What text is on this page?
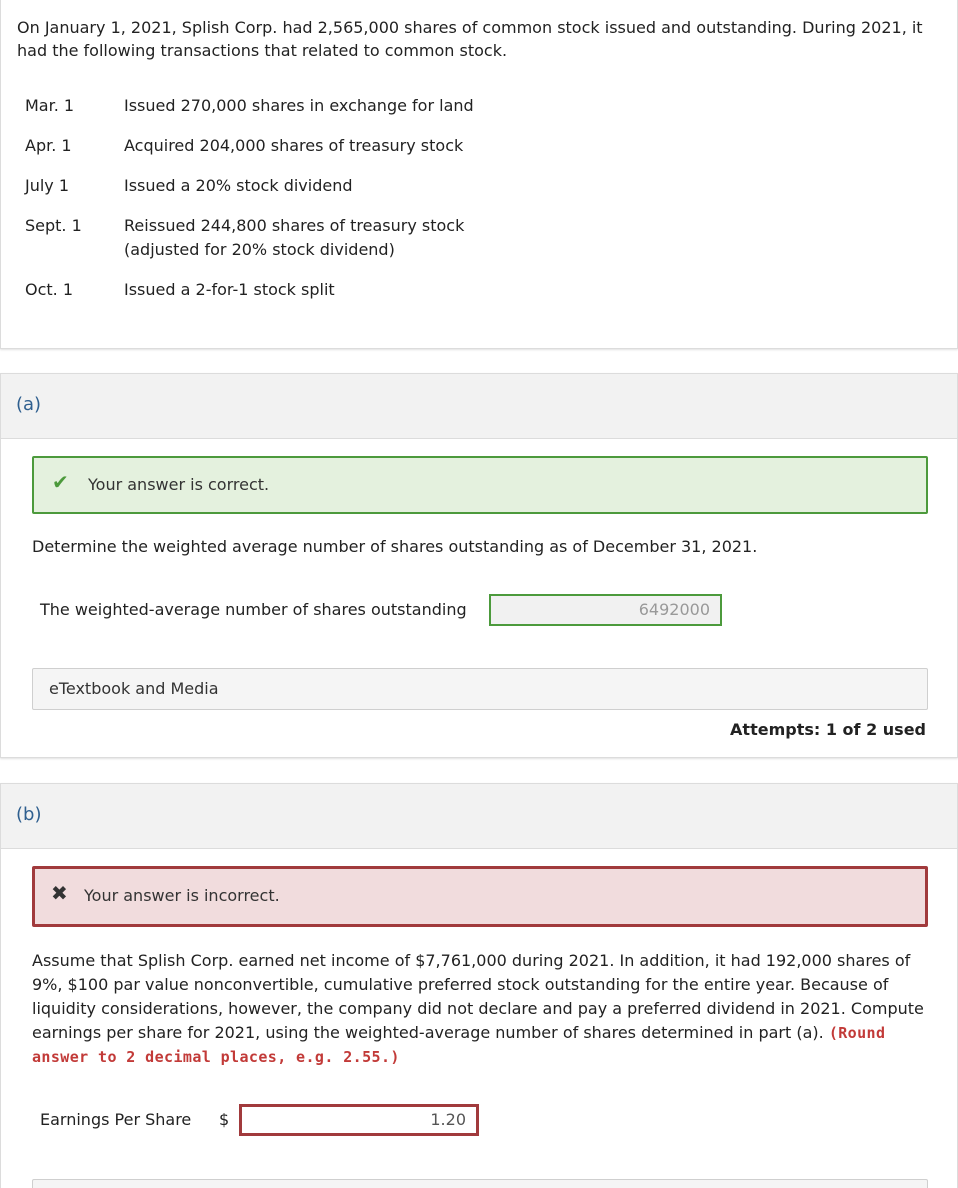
On January 1, 2021, Splish Corp. had 2,565,000 shares of common stock issued and outstanding. During 2021, it had the following transactions that related to common stock.

Mar. 1	Issued 270,000 shares in exchange for land
Apr. 1	Acquired 204,000 shares of treasury stock
July 1	Issued a 20% stock dividend
Sept. 1	Reissued 244,800 shares of treasury stock
(adjusted for 20% stock dividend)
Oct. 1	Issued a 2-for-1 stock split
(a)
✔ Your answer is correct.

Determine the weighted average number of shares outstanding as of December 31, 2021.

The weighted-average number of shares outstanding	6492000
eTextbook and Media
Attempts: 1 of 2 used
(b)
✖ Your answer is incorrect.

Assume that Splish Corp. earned net income of $7,761,000 during 2021. In addition, it had 192,000 shares of 9%, $100 par value nonconvertible, cumulative preferred stock outstanding for the entire year. Because of liquidity considerations, however, the company did not declare and pay a preferred dividend in 2021. Compute earnings per share for 2021, using the weighted-average number of shares determined in part (a). (Round answer to 2 decimal places, e.g. 2.55.)

Earnings Per Share $	1.20
